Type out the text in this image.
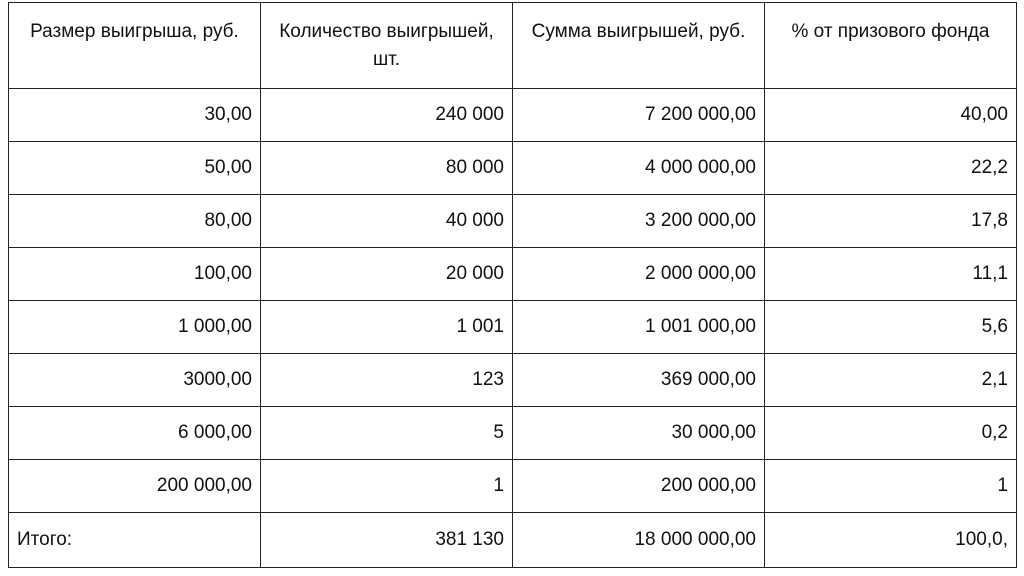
Размер выигрыша, руб.	Количество выигрышей, шт.	Сумма выигрышей, руб.	% от призового фонда
30,00	240 000	7 200 000,00	40,00
50,00	80 000	4 000 000,00	22,2
80,00	40 000	3 200 000,00	17,8
100,00	20 000	2 000 000,00	11,1
1 000,00	1 001	1 001 000,00	5,6
3000,00	123	369 000,00	2,1
6 000,00	5	30 000,00	0,2
200 000,00	1	200 000,00	1
Итого:	381 130	18 000 000,00	100,0,
